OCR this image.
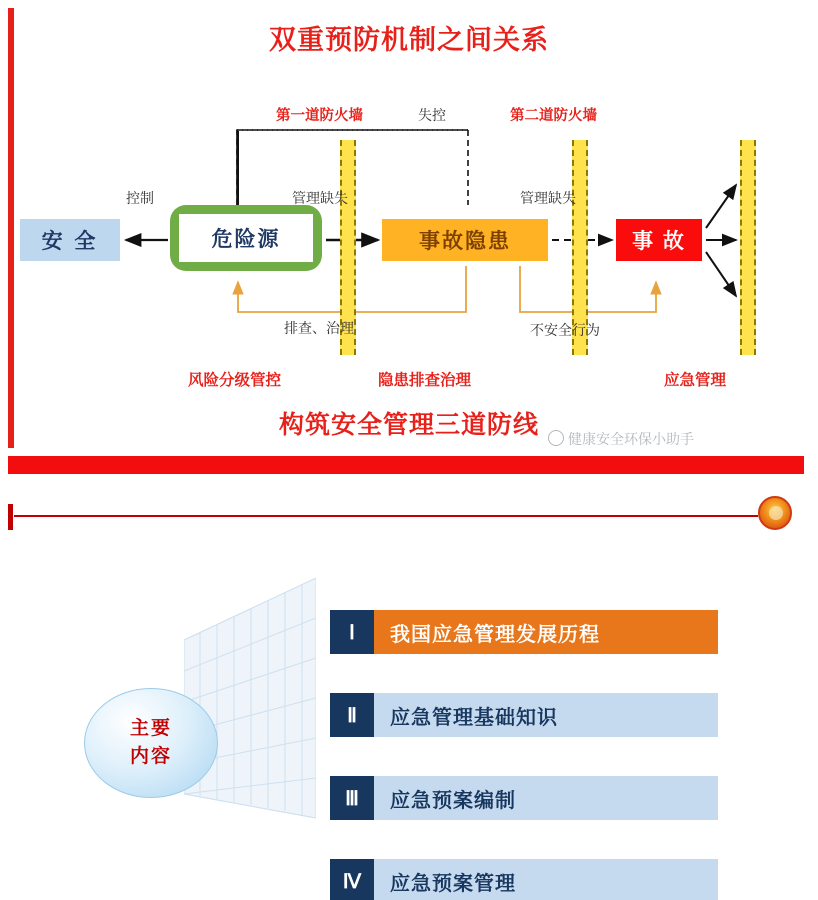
双重预防机制之间关系
安 全	危险源	事故隐患	事 故
第一道防火墙	第二道防火墙
风险分级管控	隐患排查治理	应急管理
失控
控制	管理缺失	管理缺失
排查、治理	不安全行为
构筑安全管理三道防线	健康安全环保小助手
主要
内容
Ⅰ	我国应急管理发展历程
Ⅱ	应急管理基础知识
Ⅲ	应急预案编制
Ⅳ	应急预案管理
